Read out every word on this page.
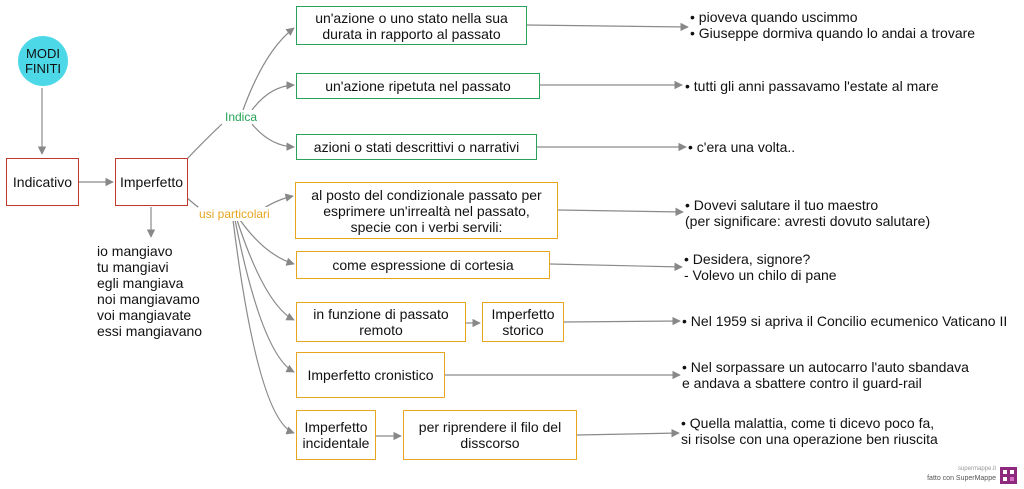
MODI
FINITI
Indicativo	Imperfetto
io mangiavo
tu mangiavi
egli mangiava
noi mangiavamo
voi mangiavate
essi mangiavano
Indica
usi particolari
un'azione o uno stato nella sua
durata in rapporto al passato
un'azione ripetuta nel passato
azioni o stati descrittivi o narrativi
al posto del condizionale passato per
esprimere un'irrealtà nel passato,
specie con i verbi servili:
come espressione di cortesia
in funzione di passato
remoto
Imperfetto cronistico
Imperfetto
incidentale
Imperfetto
storico
per riprendere il filo del
disscorso
• pioveva quando uscimmo
• Giuseppe dormiva quando lo andai a trovare
• tutti gli anni passavamo l'estate al mare
• c'era una volta..
• Dovevi salutare il tuo maestro
(per significare: avresti dovuto salutare)
• Desidera, signore?
- Volevo un chilo di pane
• Nel 1959 si apriva il Concilio ecumenico Vaticano II
• Nel sorpassare un autocarro l'auto sbandava
e andava a sbattere contro il guard-rail
• Quella malattia, come ti dicevo poco fa,
si risolse con una operazione ben riuscita
supermappe.it
fatto con SuperMappe
